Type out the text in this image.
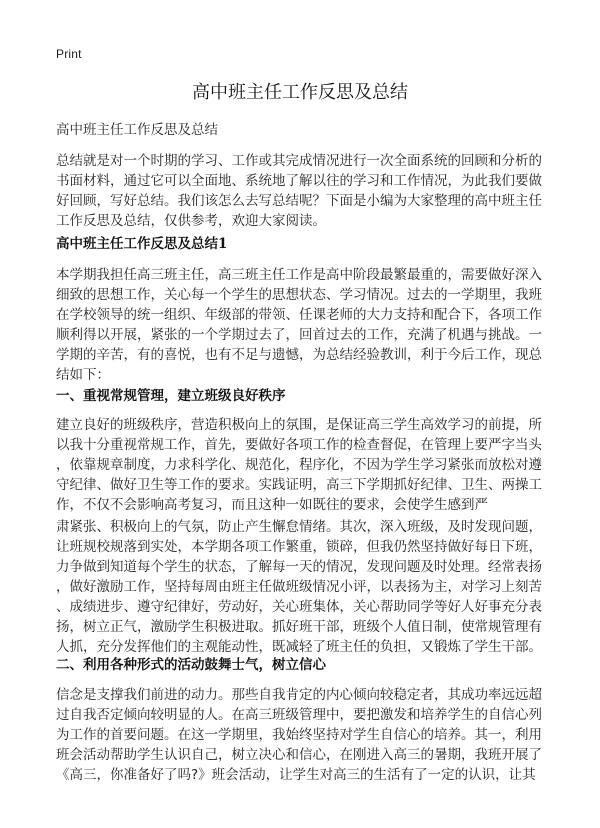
Print
高中班主任工作反思及总结
高中班主任工作反思及总结
总结就是对一个时期的学习、工作或其完成情况进行一次全面系统的回顾和分析的
书面材料，通过它可以全面地、系统地了解以往的学习和工作情况，为此我们要做
好回顾，写好总结。我们该怎么去写总结呢？下面是小编为大家整理的高中班主任
工作反思及总结，仅供参考，欢迎大家阅读。
高中班主任工作反思及总结1
本学期我担任高三班主任，高三班主任工作是高中阶段最繁最重的，需要做好深入
细致的思想工作，关心每一个学生的思想状态、学习情况。过去的一学期里，我班
在学校领导的统一组织、年级部的带领、任课老师的大力支持和配合下，各项工作
顺利得以开展，紧张的一个学期过去了，回首过去的工作，充满了机遇与挑战。一
学期的辛苦，有的喜悦，也有不足与遗憾，为总结经验教训，利于今后工作，现总
结如下：
一、重视常规管理，建立班级良好秩序
建立良好的班级秩序，营造积极向上的氛围，是保证高三学生高效学习的前提，所
以我十分重视常规工作，首先，要做好各项工作的检查督促，在管理上要严字当头
，依靠规章制度，力求科学化、规范化，程序化，不因为学生学习紧张而放松对遵
守纪律、做好卫生等工作的要求。实践证明，高三下学期抓好纪律、卫生、两操工
作，不仅不会影响高考复习，而且这种一如既往的要求，会使学生感到严
肃紧张、积极向上的气氛，防止产生懈怠情绪。其次，深入班级，及时发现问题，
让班规校规落到实处，本学期各项工作繁重，锁碎，但我仍然坚持做好每日下班，
力争做到知道每个学生的状态，了解每一天的情况，发现问题及时处理。经常表扬
，做好激励工作，坚持每周由班主任做班级情况小评，以表扬为主，对学习上刻苦
、成绩进步、遵守纪律好，劳动好，关心班集体，关心帮助同学等好人好事充分表
扬，树立正气，激励学生积极进取。抓好班干部，班级个人值日制，使常规管理有
人抓，充分发挥他们的主观能动性，既减轻了班主任的负担，又锻炼了学生干部。
二、利用各种形式的活动鼓舞士气，树立信心
信念是支撑我们前进的动力。那些自我肯定的内心倾向较稳定者，其成功率远远超
过自我否定倾向较明显的人。在高三班级管理中，要把激发和培养学生的自信心列
为工作的首要问题。在这一学期里，我始终坚持对学生自信心的培养。其一，利用
班会活动帮助学生认识自己，树立决心和信心，在刚进入高三的暑期，我班开展了
《高三，你准备好了吗?》班会活动，让学生对高三的生活有了一定的认识，让其
